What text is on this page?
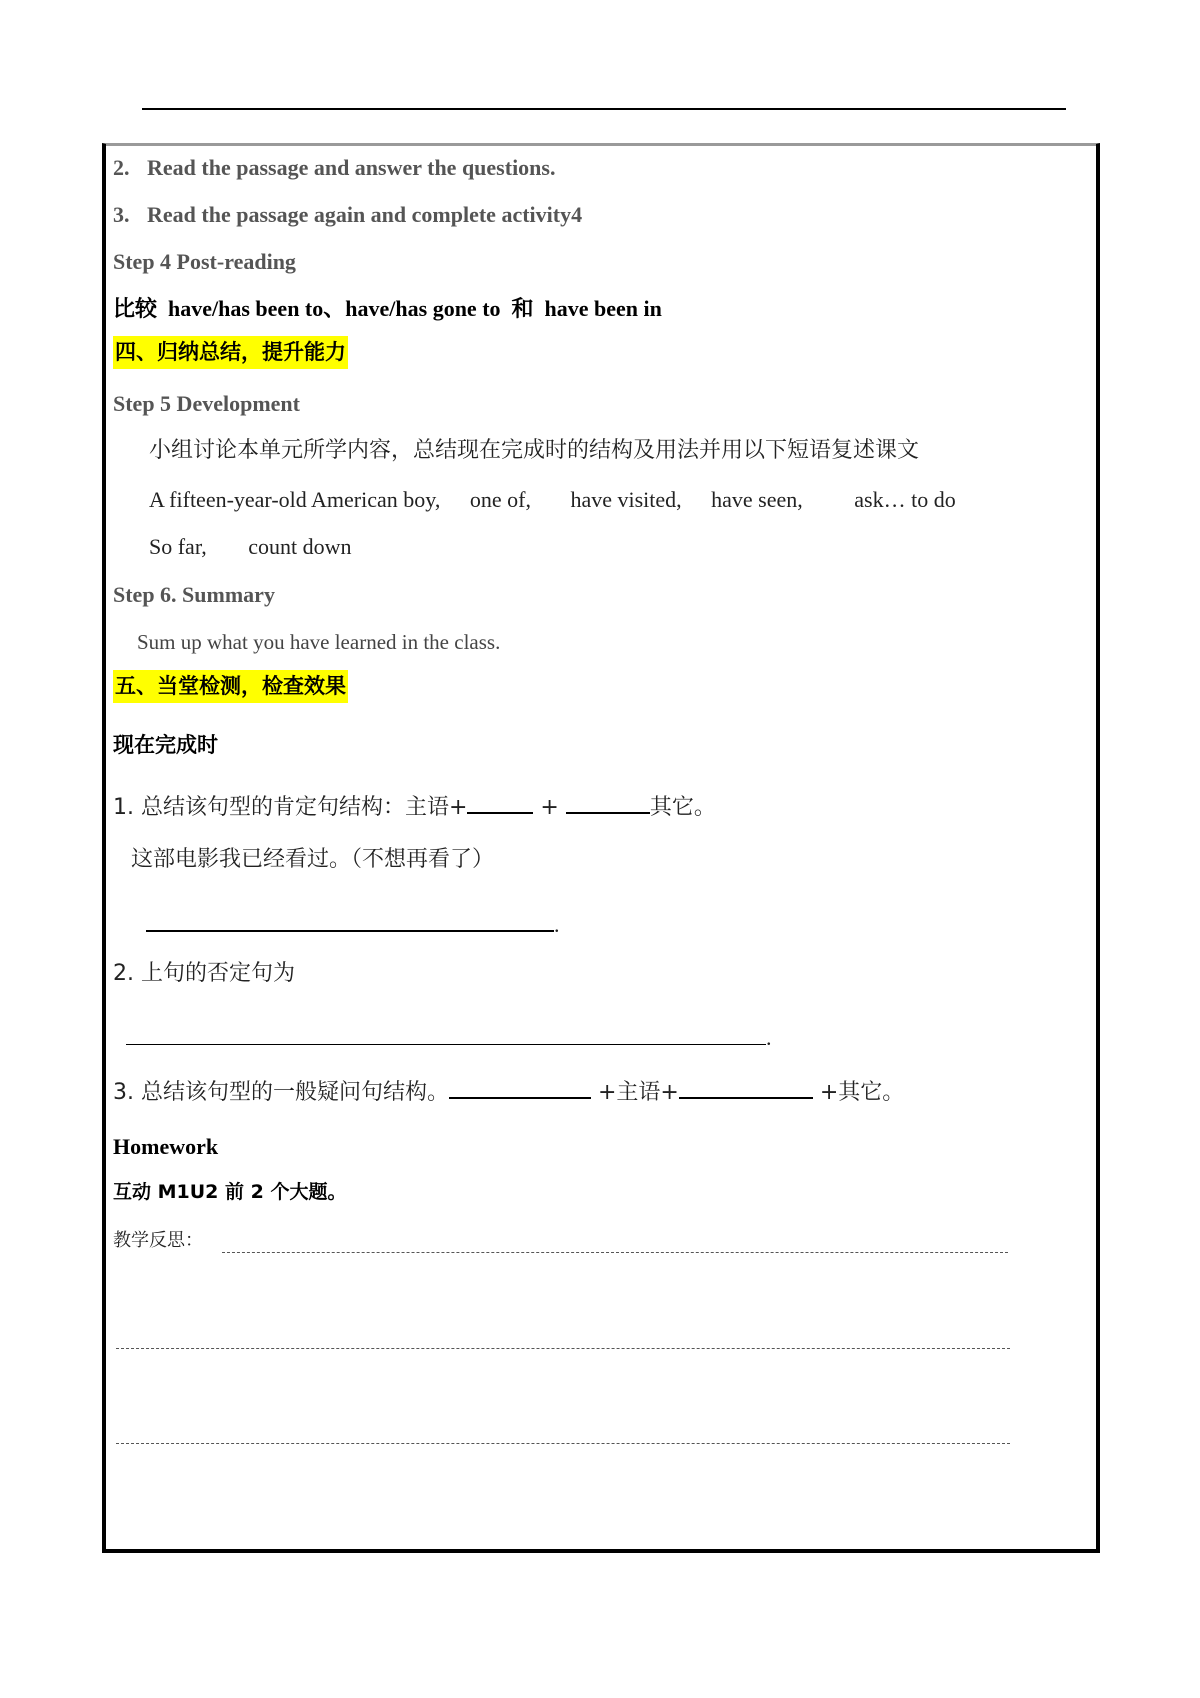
2. Read the passage and answer the questions.
3. Read the passage again and complete activity4
Step 4 Post-reading
比较 have/has been to、have/has gone to 和 have been in
四、归纳总结，提升能力
Step 5 Development
小组讨论本单元所学内容，总结现在完成时的结构及用法并用以下短语复述课文
A fifteen-year-old American boy, one of, have visited, have seen, ask… to do
So far, count down
Step 6. Summary
Sum up what you have learned in the class.
五、当堂检测，检查效果
现在完成时
1. 总结该句型的肯定句结构：主语+	+	其它。
这部电影我已经看过。（不想再看了）
.
2. 上句的否定句为
.
3. 总结该句型的一般疑问句结构。	+主语+	+其它。
Homework
互动 M1U2 前 2 个大题。
教学反思：
